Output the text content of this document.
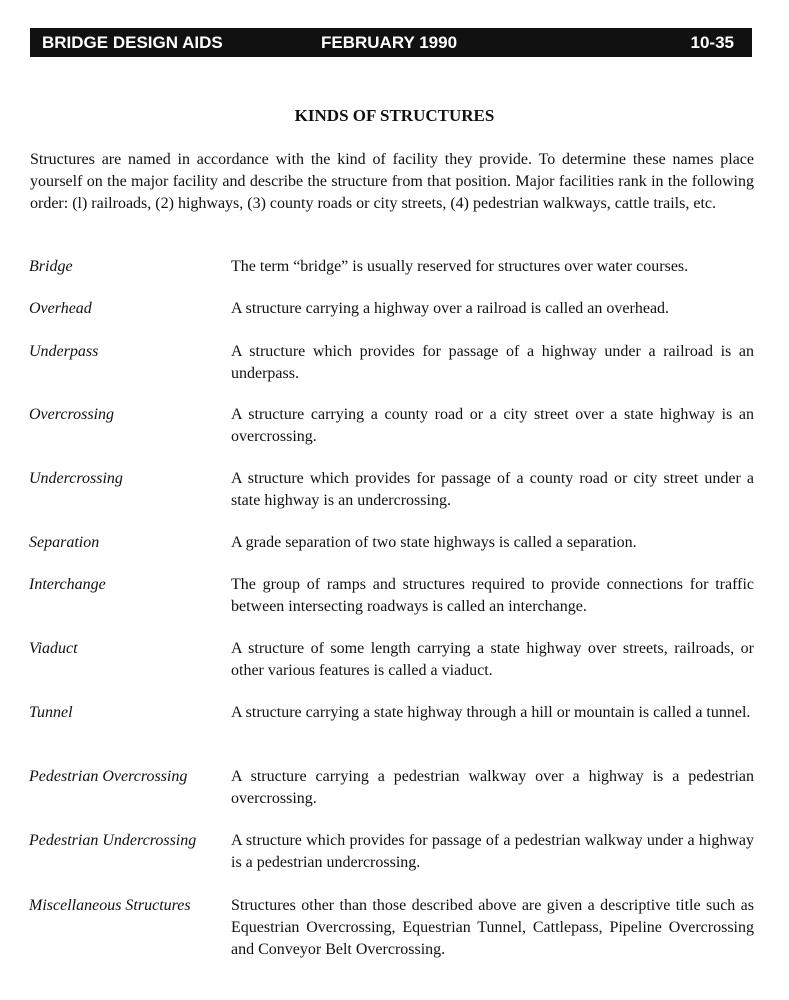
BRIDGE DESIGN AIDS	FEBRUARY 1990	10-35
KINDS OF STRUCTURES
Structures are named in accordance with the kind of facility they provide. To determine these names place yourself on the major facility and describe the structure from that position. Major facilities rank in the following order: (l) railroads, (2) highways, (3) county roads or city streets, (4) pedestrian walkways, cattle trails, etc.
Bridge	The term “bridge” is usually reserved for structures over water courses.
Overhead	A structure carrying a highway over a railroad is called an overhead.
Underpass	A structure which provides for passage of a highway under a railroad is an underpass.
Overcrossing	A structure carrying a county road or a city street over a state highway is an overcrossing.
Undercrossing	A structure which provides for passage of a county road or city street under a state highway is an undercrossing.
Separation	A grade separation of two state highways is called a separation.
Interchange	The group of ramps and structures required to provide connections for traffic between intersecting roadways is called an interchange.
Viaduct	A structure of some length carrying a state highway over streets, railroads, or other various features is called a viaduct.
Tunnel	A structure carrying a state highway through a hill or mountain is called a tunnel.
Pedestrian Overcrossing	A structure carrying a pedestrian walkway over a highway is a pedestrian overcrossing.
Pedestrian Undercrossing	A structure which provides for passage of a pedestrian walkway under a highway is a pedestrian undercrossing.
Miscellaneous Structures	Structures other than those described above are given a descriptive title such as Equestrian Overcrossing, Equestrian Tunnel, Cattlepass, Pipeline Overcrossing and Conveyor Belt Overcrossing.
